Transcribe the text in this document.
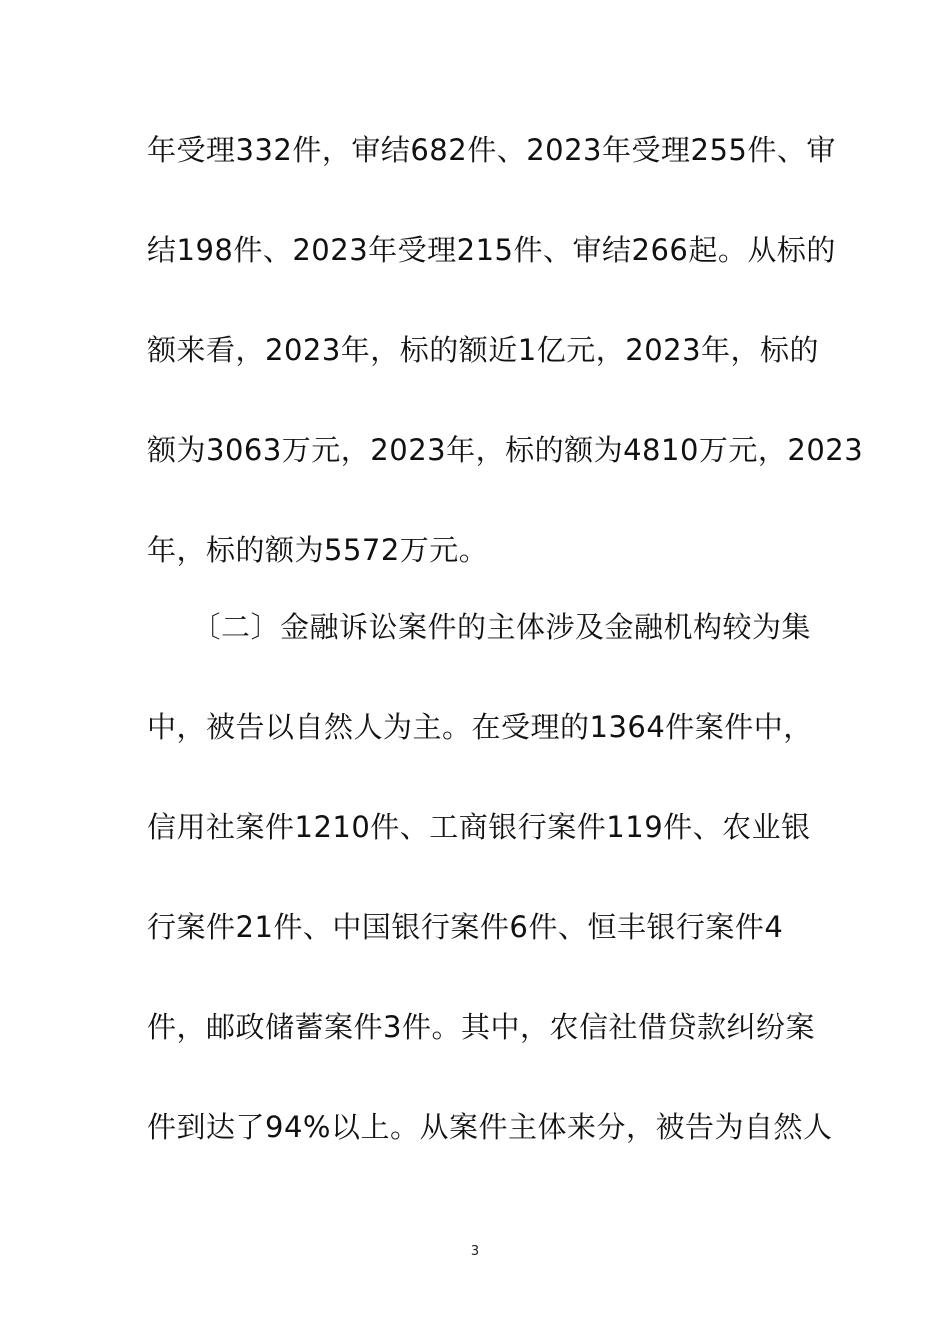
年受理332件，审结682件、2023年受理255件、审
结198件、2023年受理215件、审结266起。从标的
额来看，2023年，标的额近1亿元，2023年，标的
额为3063万元，2023年，标的额为4810万元，2023
年，标的额为5572万元。
　　〔二〕金融诉讼案件的主体涉及金融机构较为集
中，被告以自然人为主。在受理的1364件案件中，
信用社案件1210件、工商银行案件119件、农业银
行案件21件、中国银行案件6件、恒丰银行案件4
件，邮政储蓄案件3件。其中，农信社借贷款纠纷案
件到达了94%以上。从案件主体来分，被告为自然人
3
